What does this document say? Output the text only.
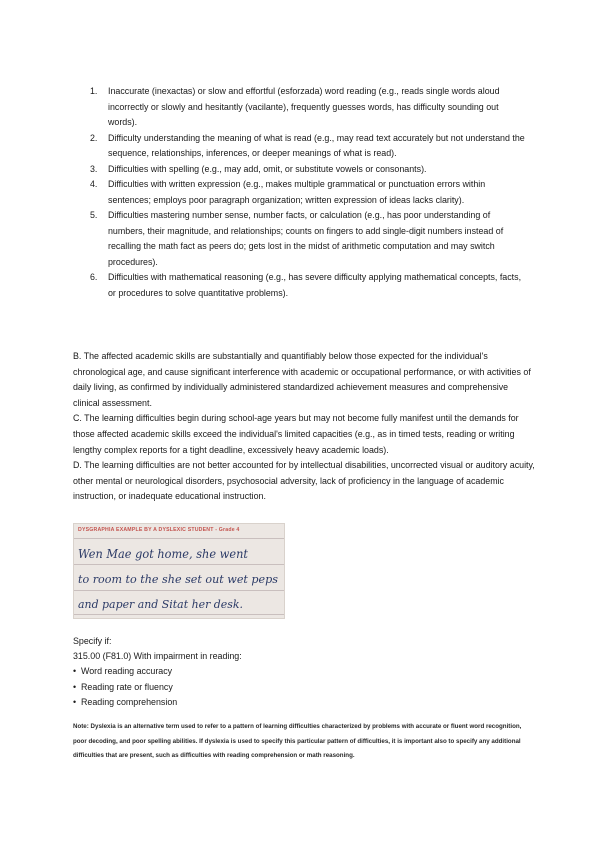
1. Inaccurate (inexactas) or slow and effortful (esforzada) word reading (e.g., reads single words aloud incorrectly or slowly and hesitantly (vacilante), frequently guesses words, has difficulty sounding out words).
2. Difficulty understanding the meaning of what is read (e.g., may read text accurately but not understand the sequence, relationships, inferences, or deeper meanings of what is read).
3. Difficulties with spelling (e.g., may add, omit, or substitute vowels or consonants).
4. Difficulties with written expression (e.g., makes multiple grammatical or punctuation errors within sentences; employs poor paragraph organization; written expression of ideas lacks clarity).
5. Difficulties mastering number sense, number facts, or calculation (e.g., has poor understanding of numbers, their magnitude, and relationships; counts on fingers to add single-digit numbers instead of recalling the math fact as peers do; gets lost in the midst of arithmetic computation and may switch procedures).
6. Difficulties with mathematical reasoning (e.g., has severe difficulty applying mathematical concepts, facts, or procedures to solve quantitative problems).

B. The affected academic skills are substantially and quantifiably below those expected for the individual's chronological age, and cause significant interference with academic or occupational performance, or with activities of daily living, as confirmed by individually administered standardized achievement measures and comprehensive clinical assessment.

C. The learning difficulties begin during school-age years but may not become fully manifest until the demands for those affected academic skills exceed the individual's limited capacities (e.g., as in timed tests, reading or writing lengthy complex reports for a tight deadline, excessively heavy academic loads).

D. The learning difficulties are not better accounted for by intellectual disabilities, uncorrected visual or auditory acuity, other mental or neurological disorders, psychosocial adversity, lack of proficiency in the language of academic instruction, or inadequate educational instruction.

DYSGRAPHIA EXAMPLE BY A DYSLEXIC STUDENT - Grade 4
Wen Mae got home, she went
to room to the she set out wet peps
and paper and Sitat her desk.

Specify if:

315.00 (F81.0) With impairment in reading:

• Word reading accuracy
• Reading rate or fluency
• Reading comprehension

Note: Dyslexia is an alternative term used to refer to a pattern of learning difficulties characterized by problems with accurate or fluent word recognition, poor decoding, and poor spelling abilities. If dyslexia is used to specify this particular pattern of difficulties, it is important also to specify any additional difficulties that are present, such as difficulties with reading comprehension or math reasoning.
